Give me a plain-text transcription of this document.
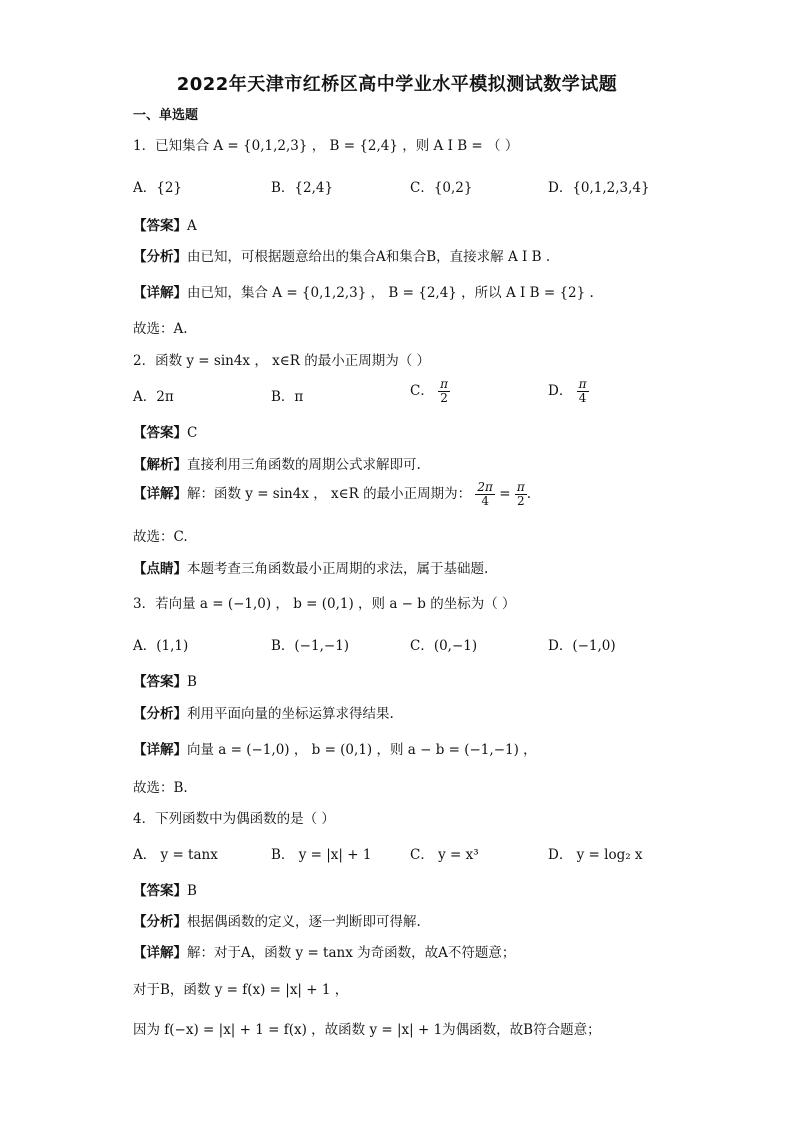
2022年天津市红桥区高中学业水平模拟测试数学试题
一、单选题
1．已知集合 A = {0,1,2,3} ， B = {2,4} ，则 A I B = （ ）
A．{2}	B．{2,4}	C．{0,2}	D．{0,1,2,3,4}
【答案】A
【分析】由已知，可根据题意给出的集合A和集合B，直接求解 A I B .
【详解】由已知，集合 A = {0,1,2,3} ， B = {2,4} ，所以 A I B = {2} .
故选：A.
2．函数 y = sin4x ， x∈R 的最小正周期为（ ）
A．2π	B．π	C． $\frac{\pi}{2}$	D． $\frac{\pi}{4}$
【答案】C
【解析】直接利用三角函数的周期公式求解即可.
【详解】解：函数 y = sin4x ， x∈R 的最小正周期为： $\frac{2\pi}{4} = \frac{\pi}{2}$ .
故选：C.
【点睛】本题考查三角函数最小正周期的求法，属于基础题.
3．若向量 a = (−1,0) ， b = (0,1) ，则 a − b 的坐标为（ ）
A．(1,1)	B．(−1,−1)	C．(0,−1)	D．(−1,0)
【答案】B
【分析】利用平面向量的坐标运算求得结果.
【详解】向量 a = (−1,0) ， b = (0,1) ，则 a − b = (−1,−1) ，
故选：B.
4．下列函数中为偶函数的是（ ）
A． y = tanx	B． y = |x| + 1	C． y = x³	D． y = log₂ x
【答案】B
【分析】根据偶函数的定义，逐一判断即可得解.
【详解】解：对于A，函数 y = tanx 为奇函数，故A不符题意；
对于B，函数 y = f(x) = |x| + 1 ，
因为 f(−x) = |x| + 1 = f(x) ，故函数 y = |x| + 1为偶函数，故B符合题意；
